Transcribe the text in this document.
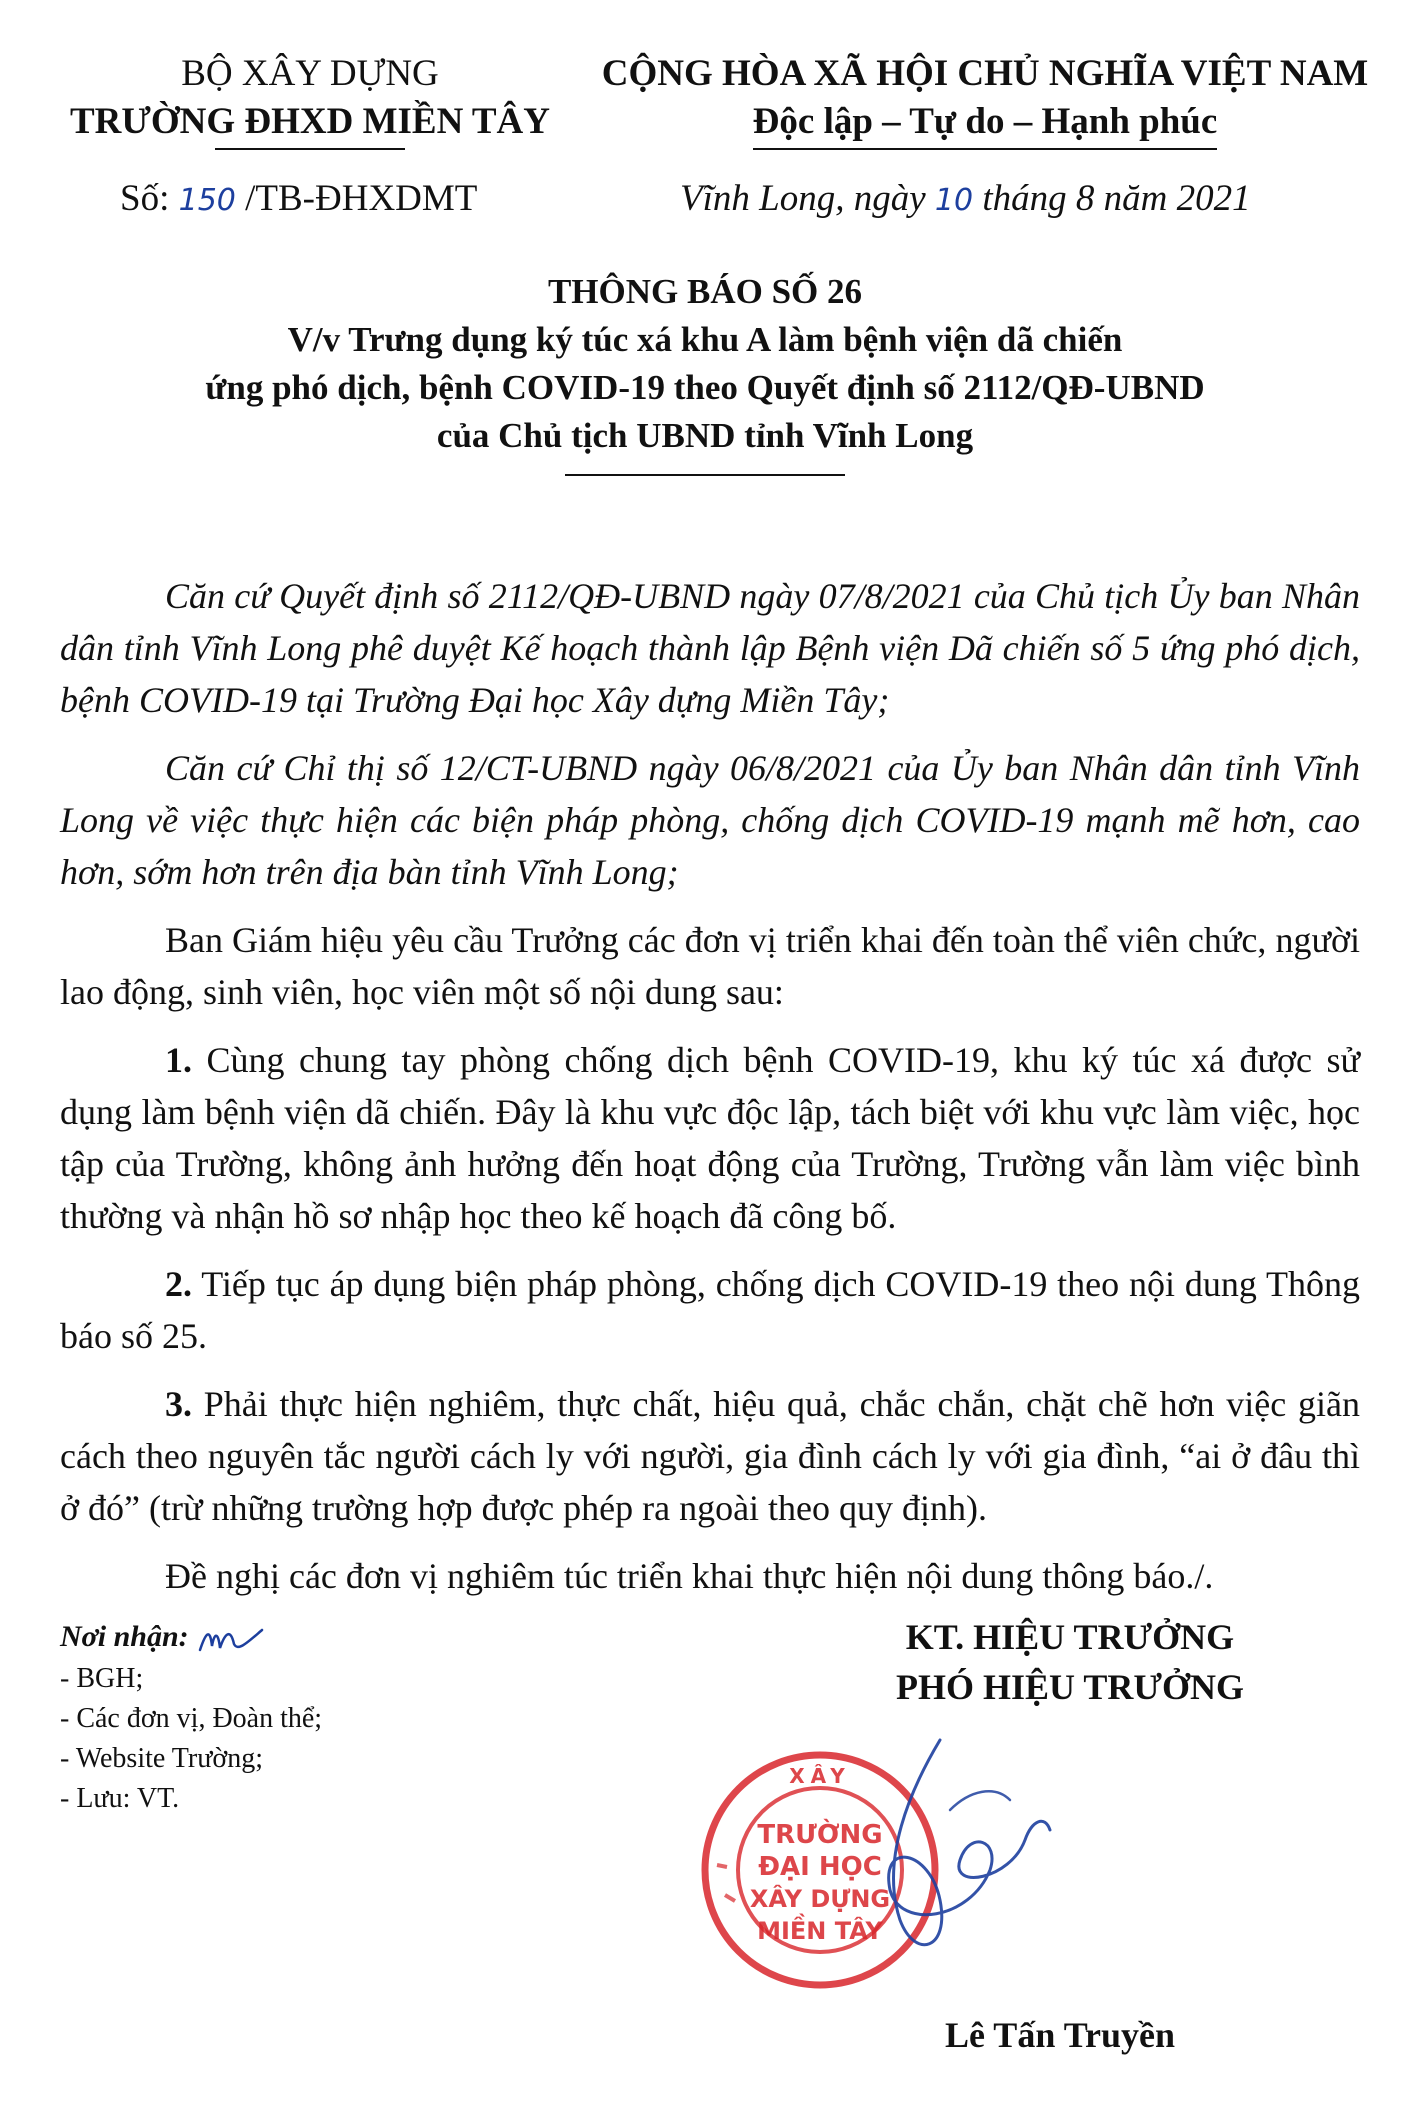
BỘ XÂY DỰNG
TRƯỜNG ĐHXD MIỀN TÂY
Số: 150 /TB-ĐHXDMT
CỘNG HÒA XÃ HỘI CHỦ NGHĨA VIỆT NAM
Độc lập – Tự do – Hạnh phúc
Vĩnh Long, ngày 10 tháng 8 năm 2021
THÔNG BÁO SỐ 26
V/v Trưng dụng ký túc xá khu A làm bệnh viện dã chiến
ứng phó dịch, bệnh COVID-19 theo Quyết định số 2112/QĐ-UBND
của Chủ tịch UBND tỉnh Vĩnh Long

Căn cứ Quyết định số 2112/QĐ-UBND ngày 07/8/2021 của Chủ tịch Ủy ban Nhân dân tỉnh Vĩnh Long phê duyệt Kế hoạch thành lập Bệnh viện Dã chiến số 5 ứng phó dịch, bệnh COVID-19 tại Trường Đại học Xây dựng Miền Tây;

Căn cứ Chỉ thị số 12/CT-UBND ngày 06/8/2021 của Ủy ban Nhân dân tỉnh Vĩnh Long về việc thực hiện các biện pháp phòng, chống dịch COVID-19 mạnh mẽ hơn, cao hơn, sớm hơn trên địa bàn tỉnh Vĩnh Long;

Ban Giám hiệu yêu cầu Trưởng các đơn vị triển khai đến toàn thể viên chức, người lao động, sinh viên, học viên một số nội dung sau:

1. Cùng chung tay phòng chống dịch bệnh COVID-19, khu ký túc xá được sử dụng làm bệnh viện dã chiến. Đây là khu vực độc lập, tách biệt với khu vực làm việc, học tập của Trường, không ảnh hưởng đến hoạt động của Trường, Trường vẫn làm việc bình thường và nhận hồ sơ nhập học theo kế hoạch đã công bố.

2. Tiếp tục áp dụng biện pháp phòng, chống dịch COVID-19 theo nội dung Thông báo số 25.

3. Phải thực hiện nghiêm, thực chất, hiệu quả, chắc chắn, chặt chẽ hơn việc giãn cách theo nguyên tắc người cách ly với người, gia đình cách ly với gia đình, “ai ở đâu thì ở đó” (trừ những trường hợp được phép ra ngoài theo quy định).

Đề nghị các đơn vị nghiêm túc triển khai thực hiện nội dung thông báo./.

Nơi nhận:
- BGH;
- Các đơn vị, Đoàn thể;
- Website Trường;
- Lưu: VT.
KT. HIỆU TRƯỞNG
PHÓ HIỆU TRƯỞNG
XÂY
TRƯỜNG
ĐẠI HỌC
XÂY DỰNG
MIỀN TÂY
Lê Tấn Truyền
